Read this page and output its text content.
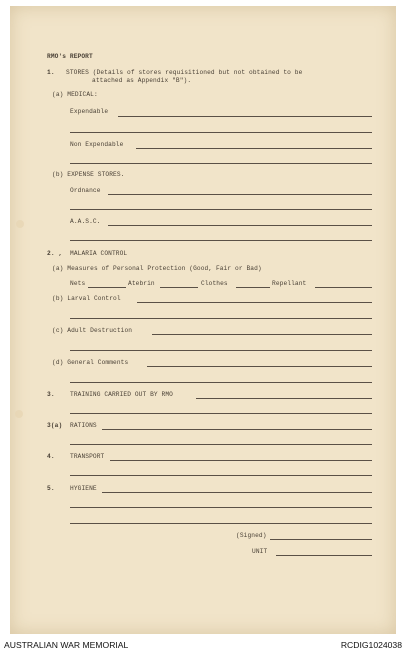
RMO's REPORT
1. STORES (Details of stores requisitioned but not obtained to be
attached as Appendix "B").
(a) MEDICAL:
Expendable
Non Expendable
(b) EXPENSE STORES.
Ordnance
A.A.S.C.
2. , MALARIA CONTROL
(a) Measures of Personal Protection (Good, Fair or Bad)
Nets	Atebrin	Clothes	Repellant
(b) Larval Control
(c) Adult Destruction
(d) General Comments
3. TRAINING CARRIED OUT BY RMO
3(a) RATIONS
4. TRANSPORT
5. HYGIENE
(Signed)
UNIT
AUSTRALIAN WAR MEMORIAL	RCDIG1024038
